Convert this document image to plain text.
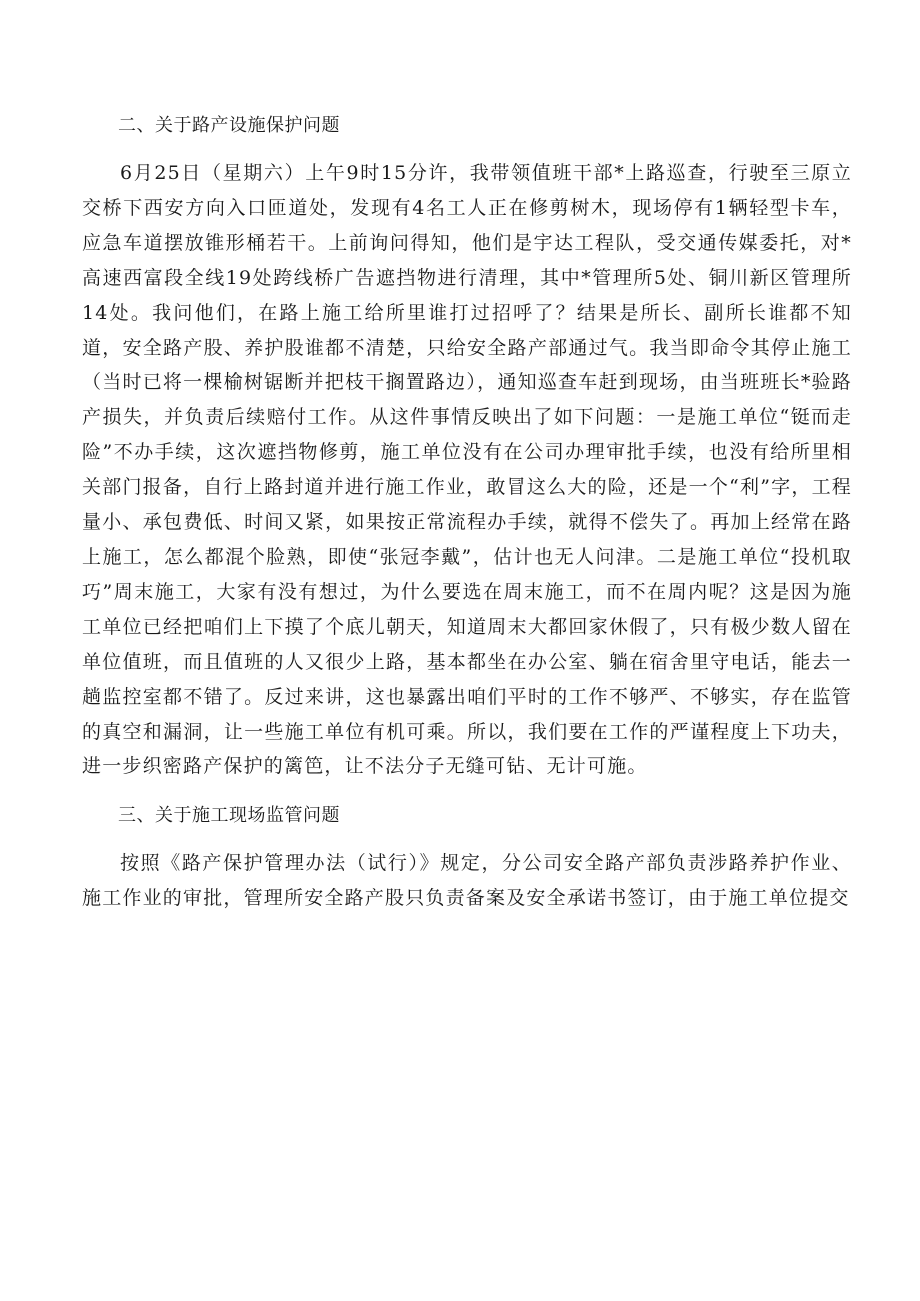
二、关于路产设施保护问题

6月25日（星期六）上午9时15分许，我带领值班干部*上路巡查，行驶至三原立交桥下西安方向入口匝道处，发现有4名工人正在修剪树木，现场停有1辆轻型卡车，应急车道摆放锥形桶若干。上前询问得知，他们是宇达工程队，受交通传媒委托，对*高速西富段全线19处跨线桥广告遮挡物进行清理，其中*管理所5处、铜川新区管理所14处。我问他们，在路上施工给所里谁打过招呼了？结果是所长、副所长谁都不知道，安全路产股、养护股谁都不清楚，只给安全路产部通过气。我当即命令其停止施工（当时已将一棵榆树锯断并把枝干搁置路边），通知巡查车赶到现场，由当班班长*验路产损失，并负责后续赔付工作。从这件事情反映出了如下问题：一是施工单位“铤而走险”不办手续，这次遮挡物修剪，施工单位没有在公司办理审批手续，也没有给所里相关部门报备，自行上路封道并进行施工作业，敢冒这么大的险，还是一个“利”字，工程量小、承包费低、时间又紧，如果按正常流程办手续，就得不偿失了。再加上经常在路上施工，怎么都混个脸熟，即使“张冠李戴”，估计也无人问津。二是施工单位“投机取巧”周末施工，大家有没有想过，为什么要选在周末施工，而不在周内呢？这是因为施工单位已经把咱们上下摸了个底儿朝天，知道周末大都回家休假了，只有极少数人留在单位值班，而且值班的人又很少上路，基本都坐在办公室、躺在宿舍里守电话，能去一趟监控室都不错了。反过来讲，这也暴露出咱们平时的工作不够严、不够实，存在监管的真空和漏洞，让一些施工单位有机可乘。所以，我们要在工作的严谨程度上下功夫，进一步织密路产保护的篱笆，让不法分子无缝可钻、无计可施。

三、关于施工现场监管问题

按照《路产保护管理办法（试行）》规定，分公司安全路产部负责涉路养护作业、施工作业的审批，管理所安全路产股只负责备案及安全承诺书签订，由于施工单位提交
